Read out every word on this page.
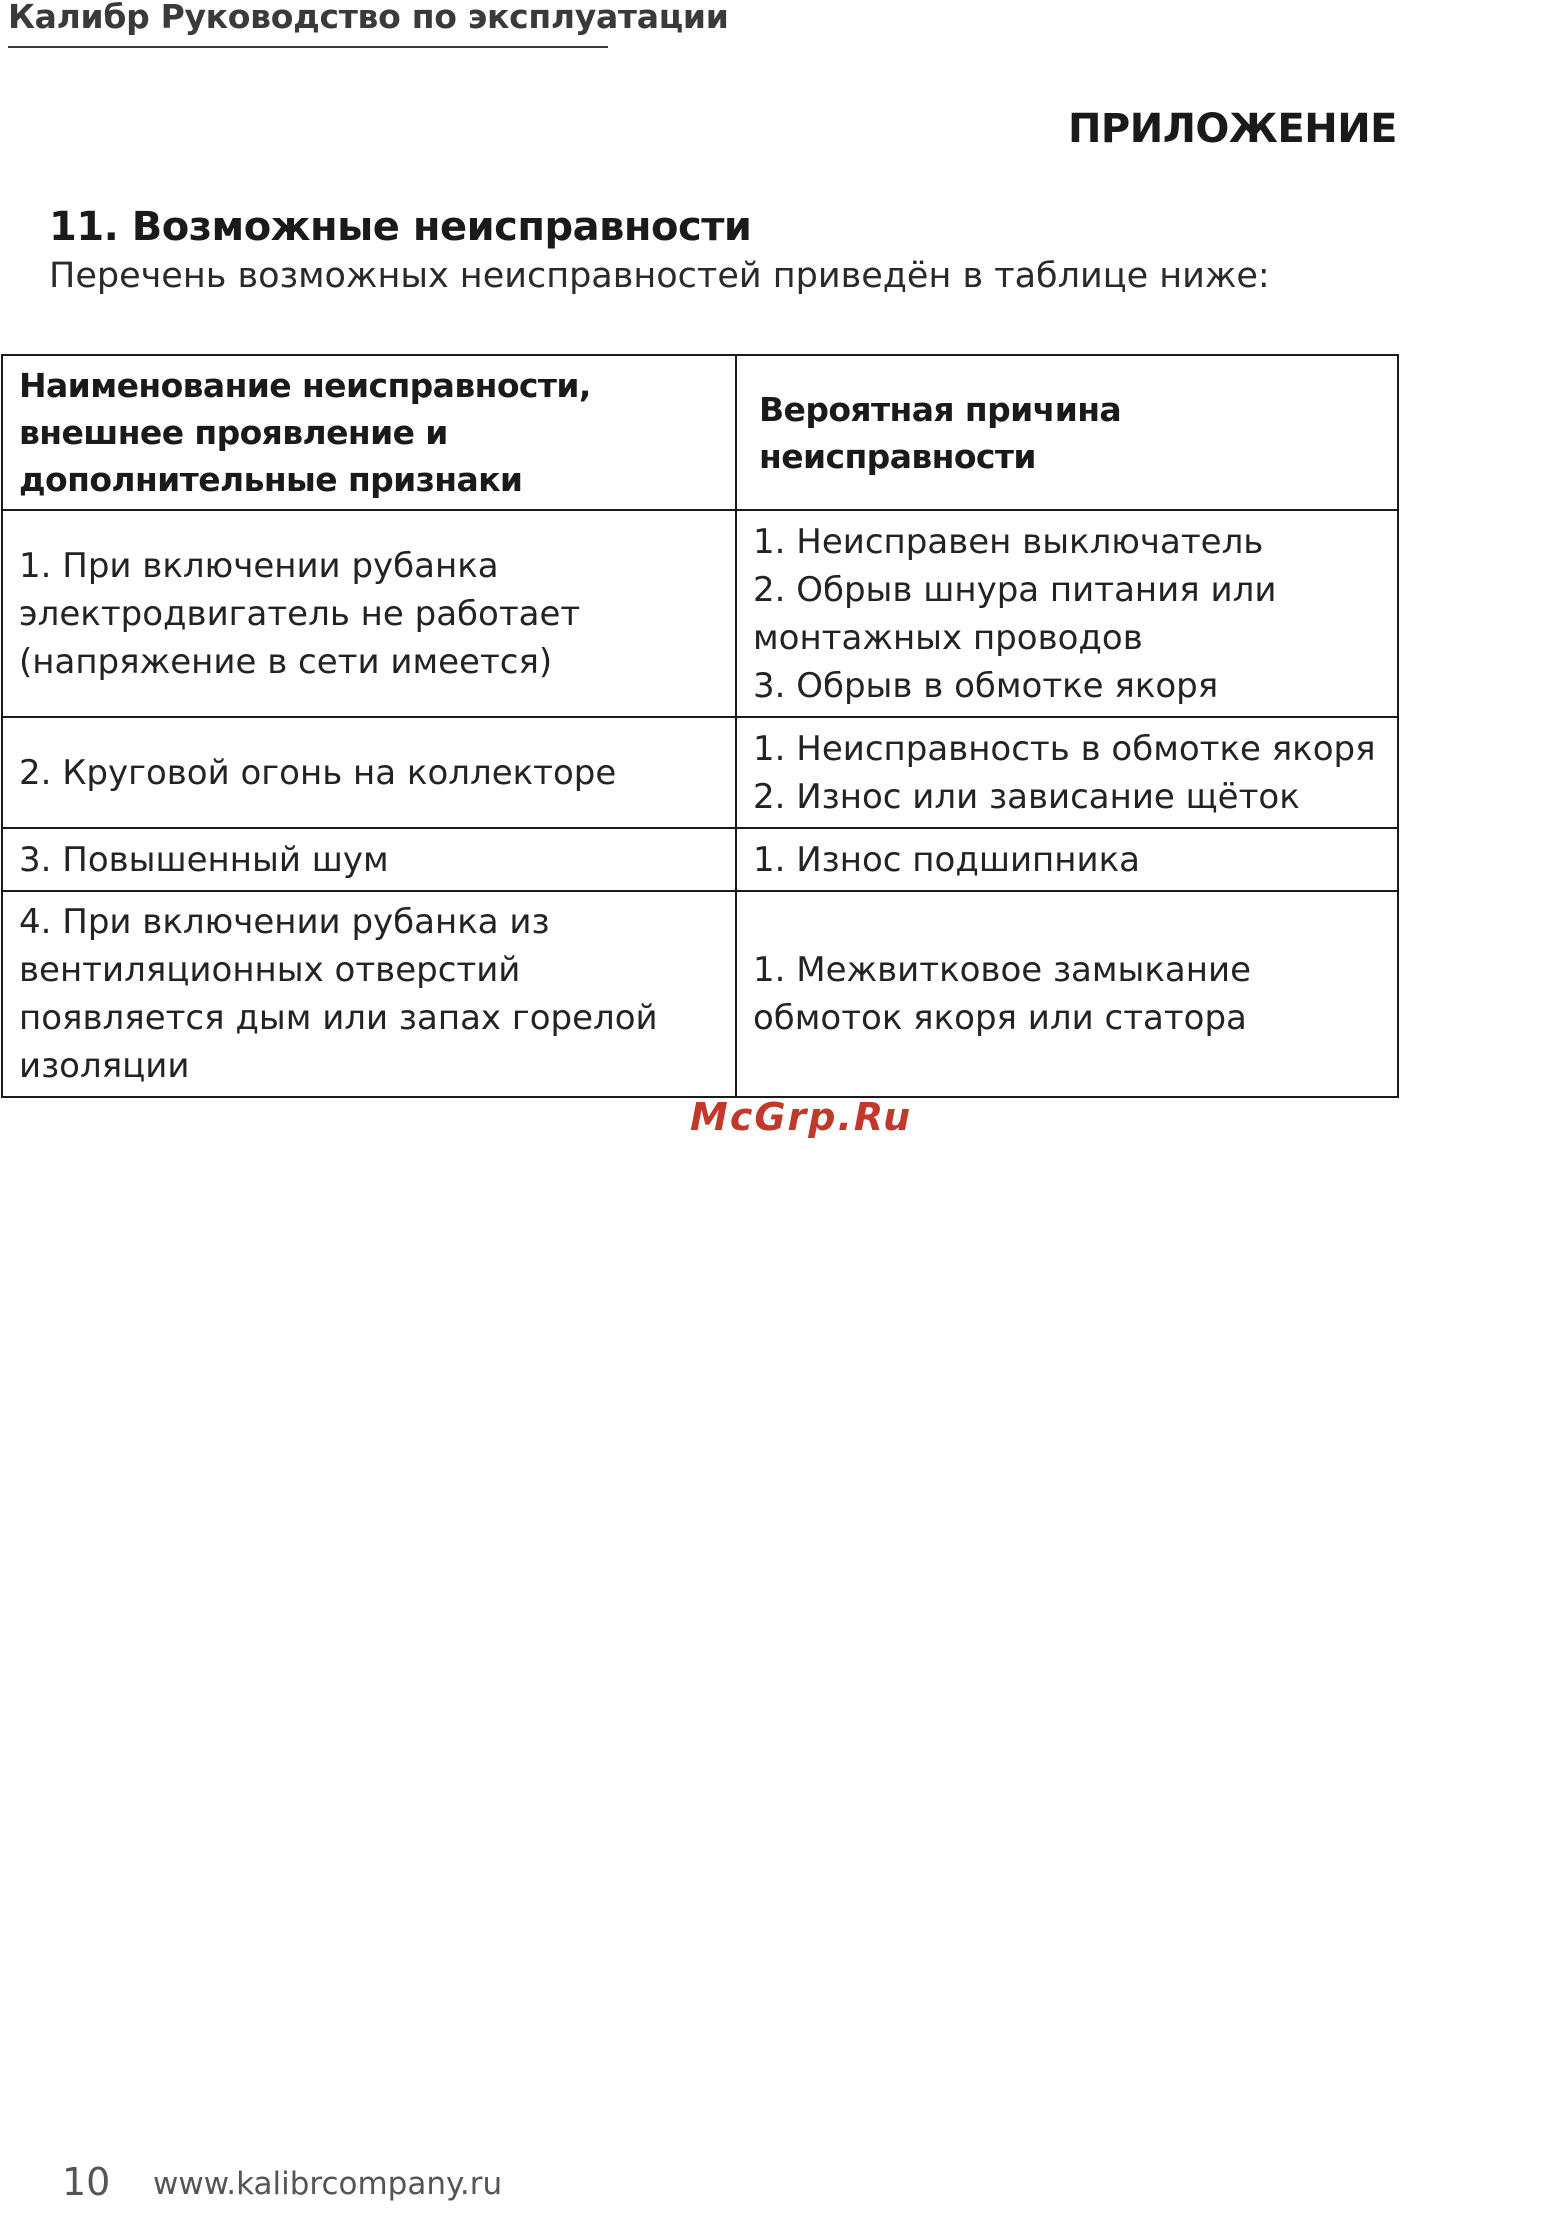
Калибр Руководство по эксплуатации
ПРИЛОЖЕНИЕ
11. Возможные неисправности
Перечень возможных неисправностей приведён в таблице ниже:
Наименование неисправности, внешнее проявление и дополнительные признаки	Вероятная причина неисправности
1. При включении рубанка электродвигатель не работает (напряжение в сети имеется)	1. Неисправен выключатель
2. Обрыв шнура питания или монтажных проводов
3. Обрыв в обмотке якоря

2. Круговой огонь на коллекторе	1. Неисправность в обмотке якоря
2. Износ или зависание щёток

3. Повышенный шум	1. Износ подшипника

4. При включении рубанка из вентиляционных отверстий появляется дым или запах горелой изоляции	1. Межвитковое замыкание обмоток якоря или статора
McGrp.Ru
10 www.kalibrcompany.ru
